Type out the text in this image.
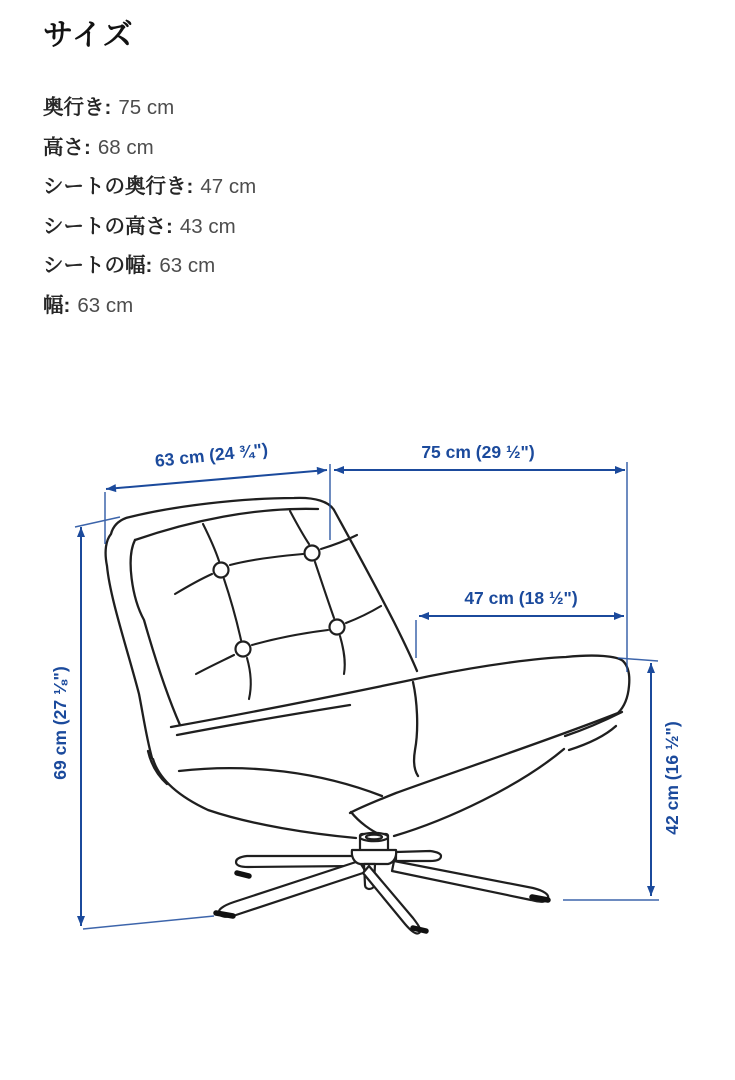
サイズ
奥行き: 75 cm
高さ: 68 cm
シートの奥行き: 47 cm
シートの高さ: 43 cm
シートの幅: 63 cm
幅: 63 cm
63 cm (24 ¾")	75 cm (29 ½")
47 cm (18 ½")
69 cm (27 ⅛")	42 cm (16 ½")
